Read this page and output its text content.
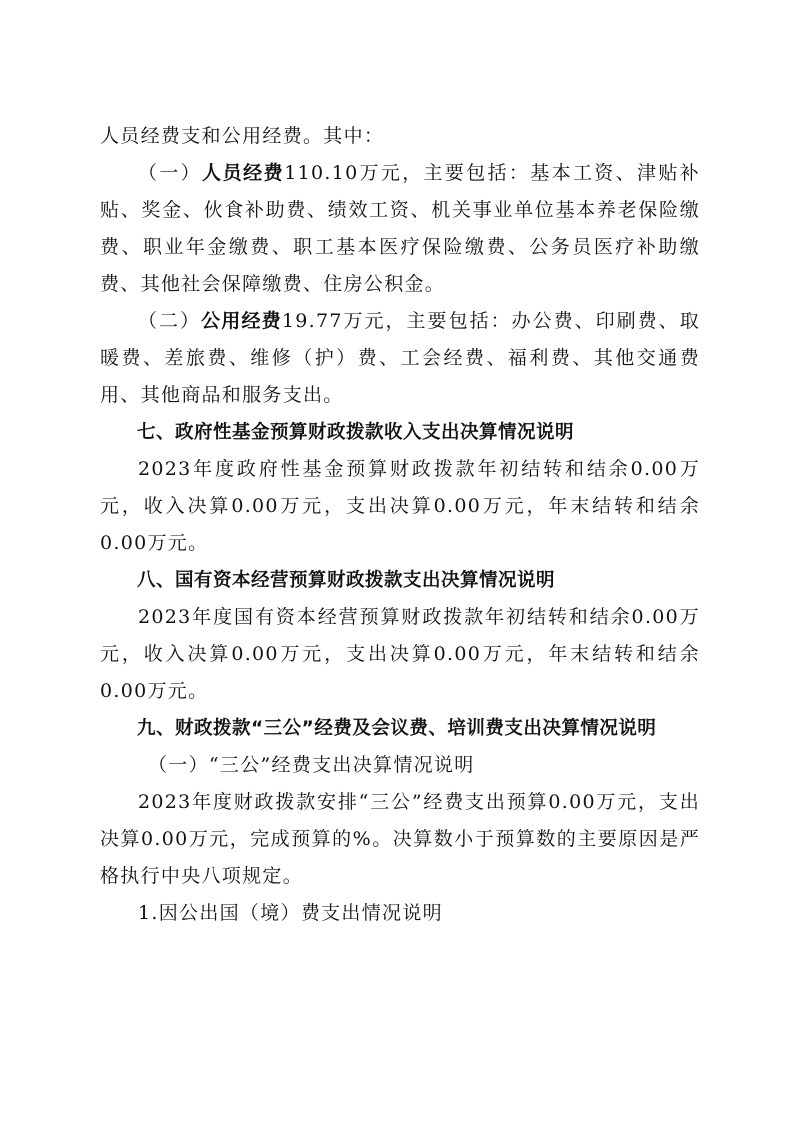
人员经费支和公用经费。其中：

（一）人员经费110.10万元，主要包括：基本工资、津贴补贴、奖金、伙食补助费、绩效工资、机关事业单位基本养老保险缴费、职业年金缴费、职工基本医疗保险缴费、公务员医疗补助缴费、其他社会保障缴费、住房公积金。

（二）公用经费19.77万元，主要包括：办公费、印刷费、取暖费、差旅费、维修（护）费、工会经费、福利费、其他交通费用、其他商品和服务支出。

七、政府性基金预算财政拨款收入支出决算情况说明

2023年度政府性基金预算财政拨款年初结转和结余0.00万元，收入决算0.00万元，支出决算0.00万元，年末结转和结余0.00万元。

八、国有资本经营预算财政拨款支出决算情况说明

2023年度国有资本经营预算财政拨款年初结转和结余0.00万元，收入决算0.00万元，支出决算0.00万元，年末结转和结余0.00万元。

九、财政拨款“三公”经费及会议费、培训费支出决算情况说明

（一）“三公”经费支出决算情况说明

2023年度财政拨款安排“三公”经费支出预算0.00万元，支出决算0.00万元，完成预算的%。决算数小于预算数的主要原因是严格执行中央八项规定。

1.因公出国（境）费支出情况说明
